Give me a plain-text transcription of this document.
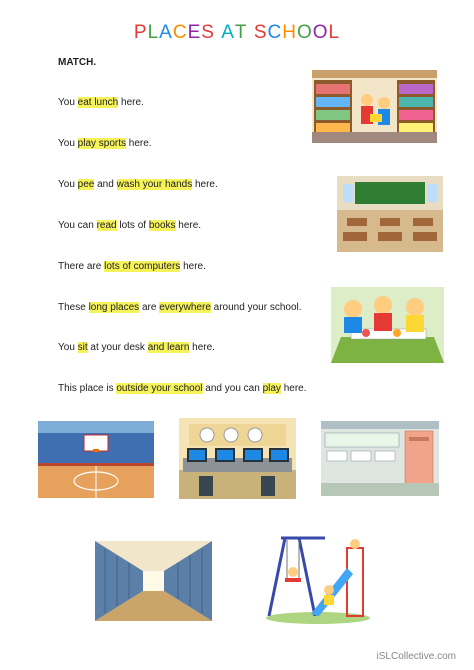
PLACES AT SCHOOL
MATCH.
You eat lunch here.
You play sports here.
You pee and wash your hands here.
You can read lots of books here.
There are lots of computers here.
These long places are everywhere around your school.
You sit at your desk and learn here.
This place is outside your school and you can play here.
iSLCollective.com
